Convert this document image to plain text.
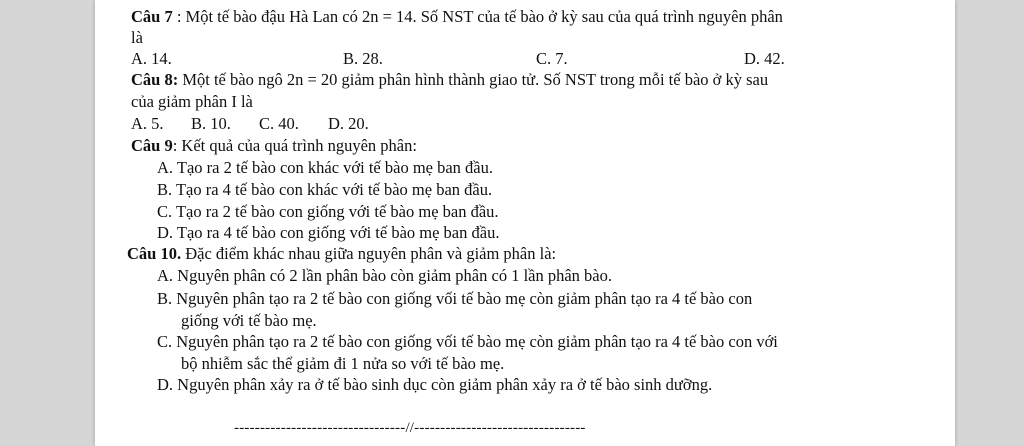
Câu 7 : Một tế bào đậu Hà Lan có 2n = 14. Số NST của tế bào ở kỳ sau của quá trình nguyên phân
là
A. 14.	B. 28.	C. 7.	D. 42.
Câu 8: Một tế bào ngô 2n = 20 giảm phân hình thành giao tử. Số NST trong mỗi tế bào ở kỳ sau
của giảm phân I là
A. 5. B. 10. C. 40. D. 20.
Câu 9: Kết quả của quá trình nguyên phân:
A. Tạo ra 2 tế bào con khác với tế bào mẹ ban đầu.
B. Tạo ra 4 tế bào con khác với tế bào mẹ ban đầu.
C. Tạo ra 2 tế bào con giống với tế bào mẹ ban đầu.
D. Tạo ra 4 tế bào con giống với tế bào mẹ ban đầu.
Câu 10. Đặc điểm khác nhau giữa nguyên phân và giảm phân là:
A. Nguyên phân có 2 lần phân bào còn giảm phân có 1 lần phân bào.
B. Nguyên phân tạo ra 2 tế bào con giống vối tế bào mẹ còn giảm phân tạo ra 4 tế bào con
giống với tế bào mẹ.
C. Nguyên phân tạo ra 2 tế bào con giống vối tế bào mẹ còn giảm phân tạo ra 4 tế bào con với
bộ nhiễm sắc thể giảm đi 1 nửa so với tế bào mẹ.
D. Nguyên phân xảy ra ở tế bào sinh dục còn giảm phân xảy ra ở tế bào sinh dưỡng.
---------------------------------//---------------------------------
